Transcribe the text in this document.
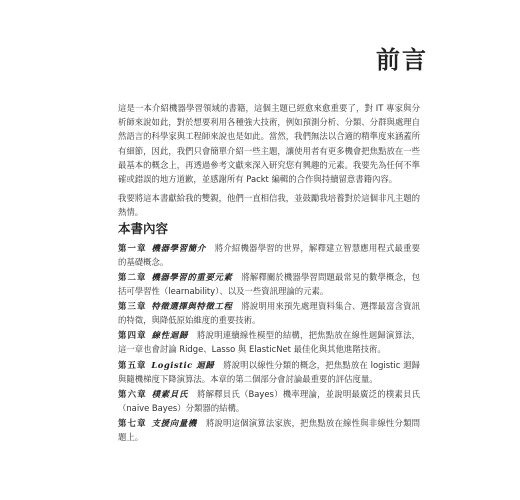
前言

這是一本介紹機器學習領域的書籍，這個主題已經愈來愈重要了，對 IT 專家與分析師來說如此，對於想要利用各種強大技術，例如預測分析、分類、分群與處理自然語言的科學家與工程師來說也是如此。當然，我們無法以合適的精準度來涵蓋所有細節，因此，我們只會簡單介紹一些主題，讓使用者有更多機會把焦點放在一些最基本的概念上，再透過參考文獻來深入研究您有興趣的元素。我要先為任何不準確或錯誤的地方道歉，並感謝所有 Packt 編輯的合作與持續留意書籍內容。

我要將這本書獻給我的雙親，他們一直相信我，並鼓勵我培養對於這個非凡主題的熱情。

本書內容

第一章 機器學習簡介 將介紹機器學習的世界，解釋建立智慧應用程式最重要的基礎概念。

第二章 機器學習的重要元素 將解釋關於機器學習問題最常見的數學概念，包括可學習性（learnability）、以及一些資訊理論的元素。

第三章 特徵選擇與特徵工程 將說明用來預先處理資料集合、選擇最富含資訊的特徵，與降低原始維度的重要技術。

第四章 線性迴歸 將說明連續線性模型的結構，把焦點放在線性迴歸演算法，這一章也會討論 Ridge、Lasso 與 ElasticNet 最佳化與其他進階技術。

第五章 Logistic 迴歸 將說明以線性分類的概念，把焦點放在 logistic 迴歸與隨機梯度下降演算法。本章的第二個部分會討論最重要的評估度量。

第六章 樸素貝氏 將解釋貝氏（Bayes）機率理論，並說明最廣泛的樸素貝氏（naive Bayes）分類器的結構。

第七章 支援向量機 將說明這個演算法家族，把焦點放在線性與非線性分類問題上。
